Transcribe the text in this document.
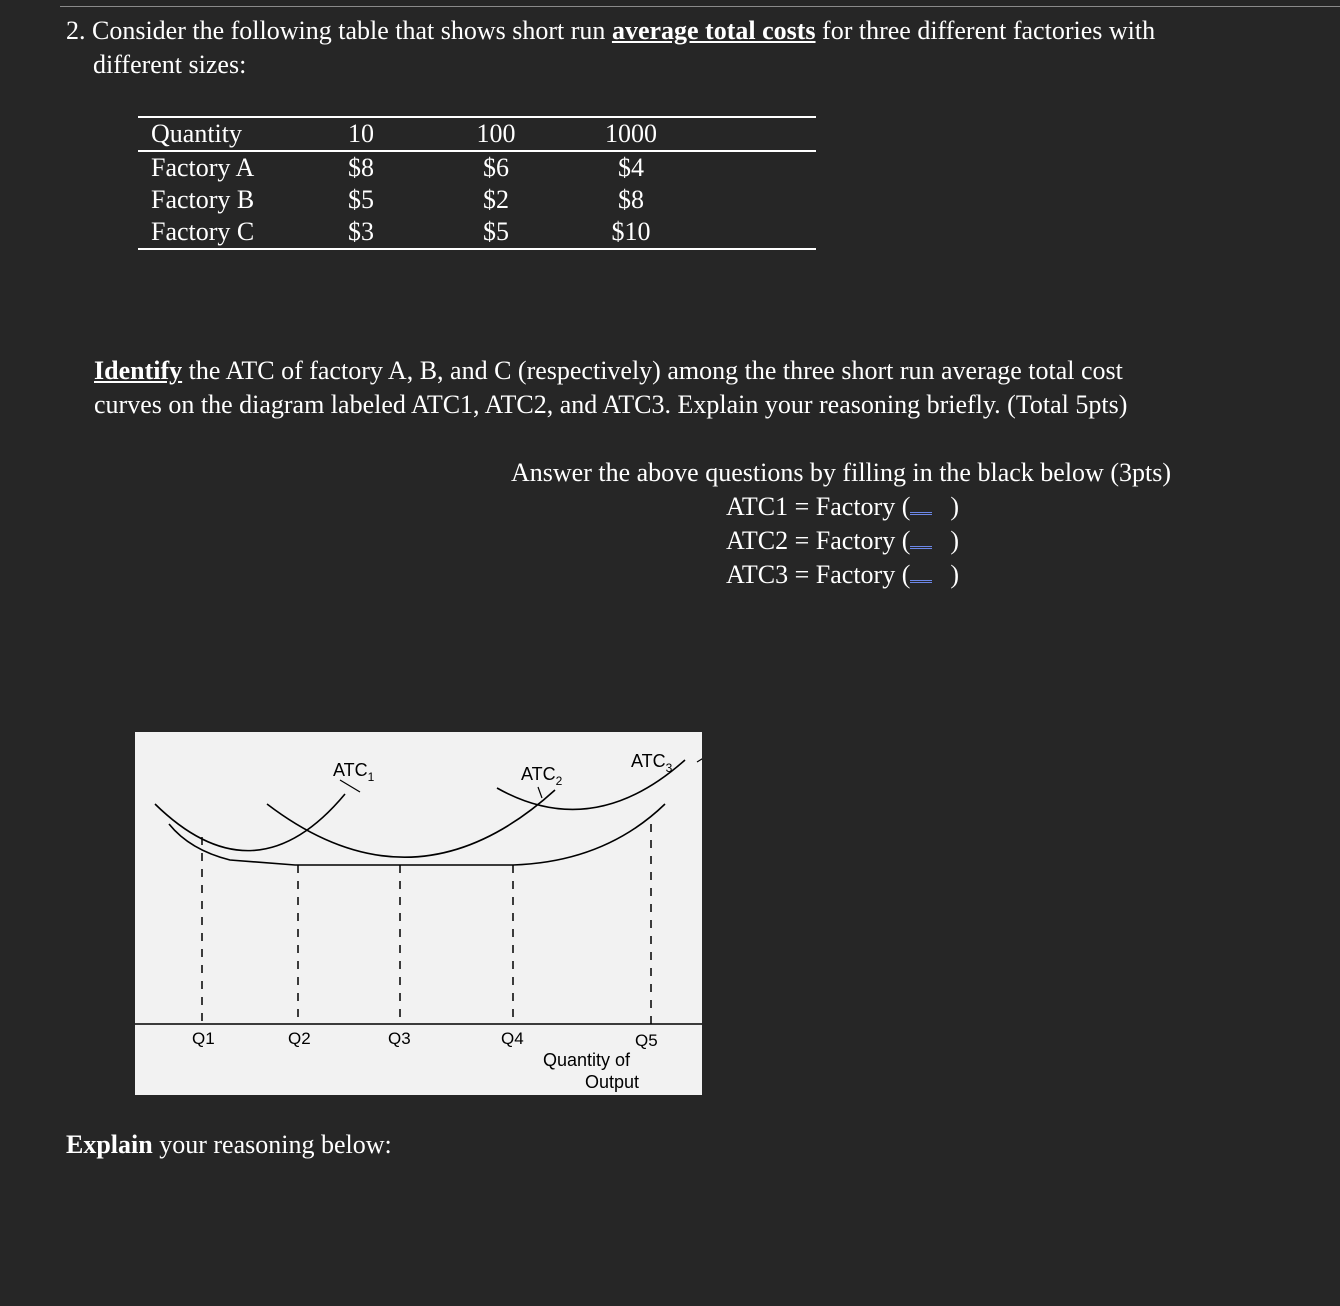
2. Consider the following table that shows short run average total costs for three different factories with
different sizes:
Quantity	10	100	1000	
Factory A	$8	$6	$4	
Factory B	$5	$2	$8	
Factory C	$3	$5	$10	
Identify the ATC of factory A, B, and C (respectively) among the three short run average total cost
curves on the diagram labeled ATC1, ATC2, and ATC3. Explain your reasoning briefly. (Total 5pts)
Answer the above questions by filling in the black below (3pts)
ATC1 = Factory ( )
ATC2 = Factory ( )
ATC3 = Factory ( )
$ATC_1$	$ATC_2$
$ATC_3$
Q1	Q2	Q3	Q4	Q5
Quantity of
Output
Explain your reasoning below:
